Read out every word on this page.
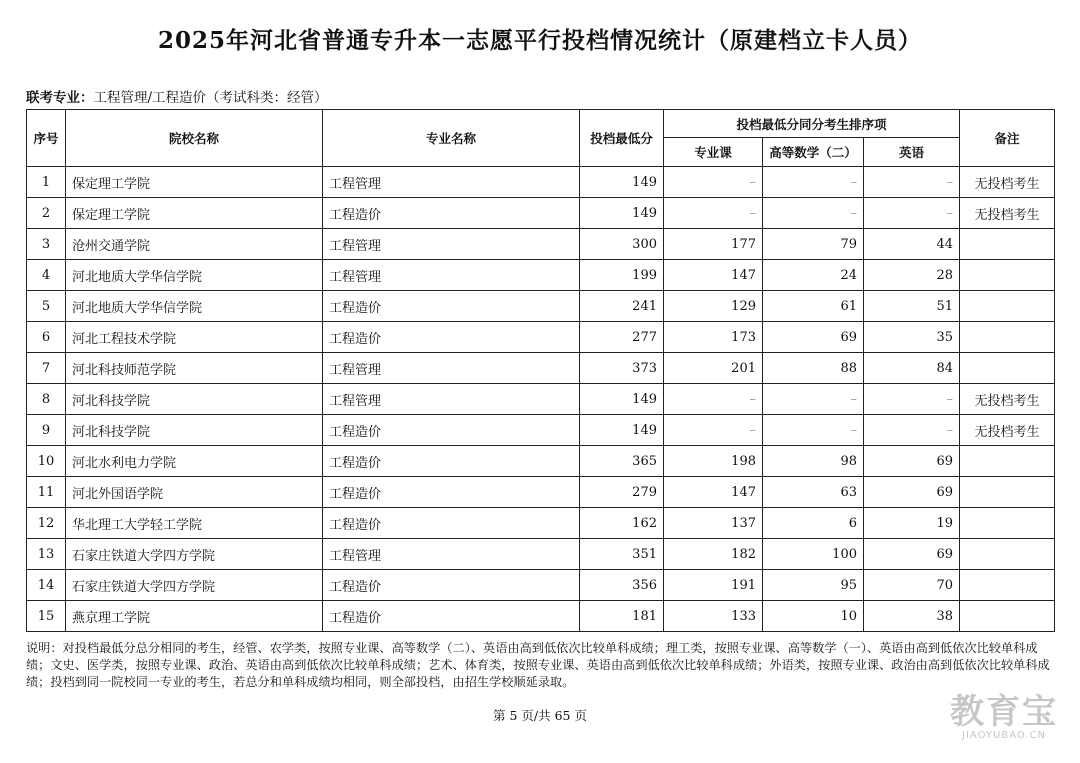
2025年河北省普通专升本一志愿平行投档情况统计（原建档立卡人员）
联考专业：工程管理/工程造价（考试科类：经管）
序号	院校名称	专业名称	投档最低分	投档最低分同分考生排序项			备注
				专业课	高等数学（二）	英语	
1	保定理工学院	工程管理	149	–	–	–	无投档考生
2	保定理工学院	工程造价	149	–	–	–	无投档考生
3	沧州交通学院	工程管理	300	177	79	44	
4	河北地质大学华信学院	工程管理	199	147	24	28	
5	河北地质大学华信学院	工程造价	241	129	61	51	
6	河北工程技术学院	工程造价	277	173	69	35	
7	河北科技师范学院	工程管理	373	201	88	84	
8	河北科技学院	工程管理	149	–	–	–	无投档考生
9	河北科技学院	工程造价	149	–	–	–	无投档考生
10	河北水利电力学院	工程造价	365	198	98	69	
11	河北外国语学院	工程造价	279	147	63	69	
12	华北理工大学轻工学院	工程造价	162	137	6	19	
13	石家庄铁道大学四方学院	工程管理	351	182	100	69	
14	石家庄铁道大学四方学院	工程造价	356	191	95	70	
15	燕京理工学院	工程造价	181	133	10	38	
说明：对投档最低分总分相同的考生，经管、农学类，按照专业课、高等数学（二）、英语由高到低依次比较单科成绩；理工类，按照专业课、高等数学（一）、英语由高到低依次比较单科成绩；文史、医学类，按照专业课、政治、英语由高到低依次比较单科成绩；艺术、体育类，按照专业课、英语由高到低依次比较单科成绩；外语类，按照专业课、政治由高到低依次比较单科成绩；投档到同一院校同一专业的考生，若总分和单科成绩均相同，则全部投档，由招生学校顺延录取。
第 5 页/共 65 页	教育宝
JIAOYUBAO.CN
